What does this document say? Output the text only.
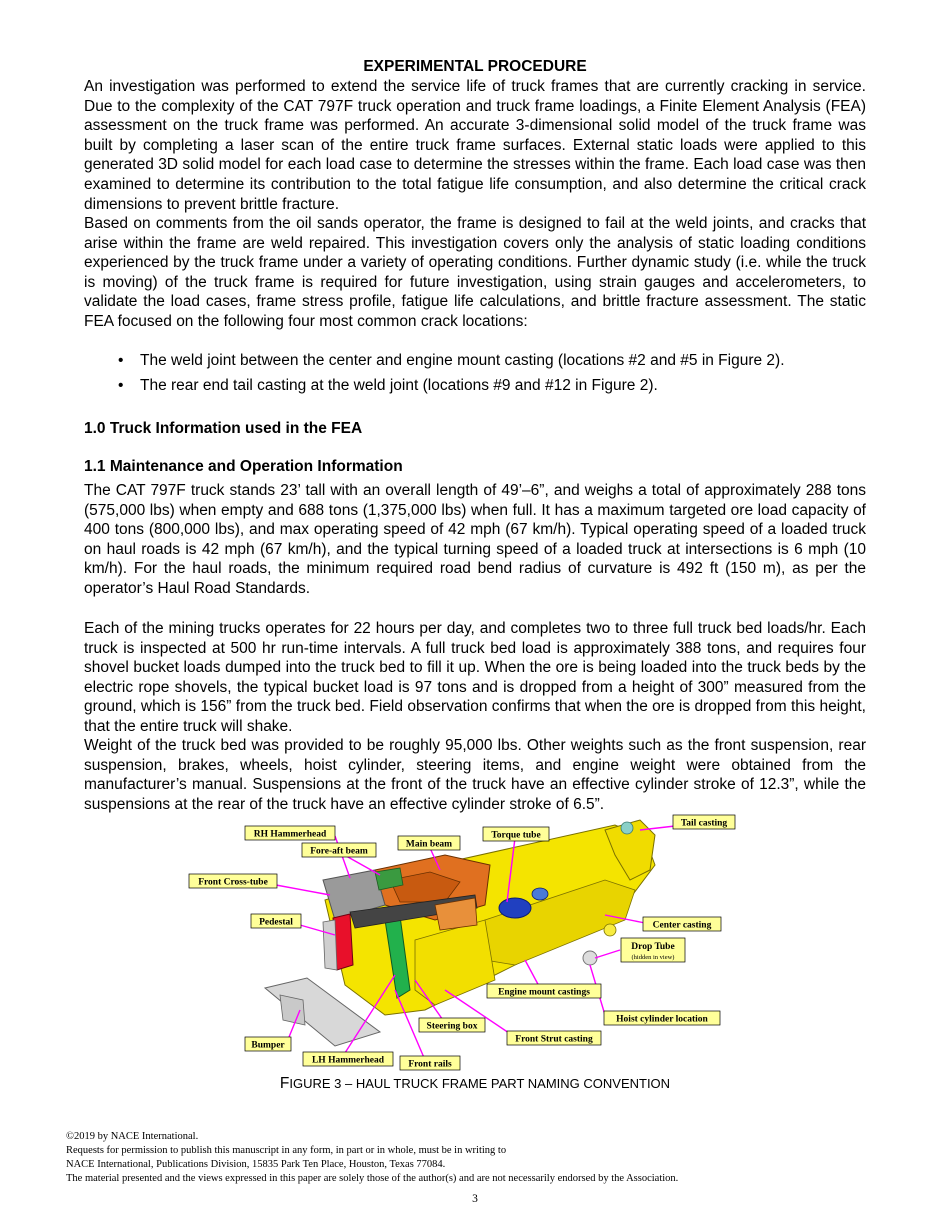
EXPERIMENTAL PROCEDURE

An investigation was performed to extend the service life of truck frames that are currently cracking in service. Due to the complexity of the CAT 797F truck operation and truck frame loadings, a Finite Element Analysis (FEA) assessment on the truck frame was performed. An accurate 3-dimensional solid model of the truck frame was built by completing a laser scan of the entire truck frame surfaces. External static loads were applied to this generated 3D solid model for each load case to determine the stresses within the frame. Each load case was then examined to determine its contribution to the total fatigue life consumption, and also determine the critical crack dimensions to prevent brittle fracture.

Based on comments from the oil sands operator, the frame is designed to fail at the weld joints, and cracks that arise within the frame are weld repaired. This investigation covers only the analysis of static loading conditions experienced by the truck frame under a variety of operating conditions. Further dynamic study (i.e. while the truck is moving) of the truck frame is required for future investigation, using strain gauges and accelerometers, to validate the load cases, frame stress profile, fatigue life calculations, and brittle fracture assessment. The static FEA focused on the following four most common crack locations:

• The weld joint between the center and engine mount casting (locations #2 and #5 in Figure 2).
• The rear end tail casting at the weld joint (locations #9 and #12 in Figure 2).
1.0 Truck Information used in the FEA
1.1 Maintenance and Operation Information

The CAT 797F truck stands 23’ tall with an overall length of 49’–6”, and weighs a total of approximately 288 tons (575,000 lbs) when empty and 688 tons (1,375,000 lbs) when full. It has a maximum targeted ore load capacity of 400 tons (800,000 lbs), and max operating speed of 42 mph (67 km/h). Typical operating speed of a loaded truck on haul roads is 42 mph (67 km/h), and the typical turning speed of a loaded truck at intersections is 6 mph (10 km/h). For the haul roads, the minimum required road bend radius of curvature is 492 ft (150 m), as per the operator’s Haul Road Standards.

Each of the mining trucks operates for 22 hours per day, and completes two to three full truck bed loads/hr. Each truck is inspected at 500 hr run-time intervals. A full truck bed load is approximately 388 tons, and requires four shovel bucket loads dumped into the truck bed to fill it up. When the ore is being loaded into the truck beds by the electric rope shovels, the typical bucket load is 97 tons and is dropped from a height of 300” measured from the ground, which is 156” from the truck bed. Field observation confirms that when the ore is dropped from this height, that the entire truck will shake.

Weight of the truck bed was provided to be roughly 95,000 lbs. Other weights such as the front suspension, rear suspension, brakes, wheels, hoist cylinder, steering items, and engine weight were obtained from the manufacturer’s manual. Suspensions at the front of the truck have an effective cylinder stroke of 12.3”, while the suspensions at the rear of the truck have an effective cylinder stroke of 6.5”.

RH Hammerhead
Fore-aft beam
Main beam
Torque tube
Tail casting
Front Cross-tube
Pedestal	Center casting
Drop Tube
(hidden in view)
Engine mount castings
Hoist cylinder location
Steering box
Front Strut casting
Bumper
LH Hammerhead	Front rails
FIGURE 3 – HAUL TRUCK FRAME PART NAMING CONVENTION
©2019 by NACE International.
Requests for permission to publish this manuscript in any form, in part or in whole, must be in writing to
NACE International, Publications Division, 15835 Park Ten Place, Houston, Texas 77084.
The material presented and the views expressed in this paper are solely those of the author(s) and are not necessarily endorsed by the Association.
3
